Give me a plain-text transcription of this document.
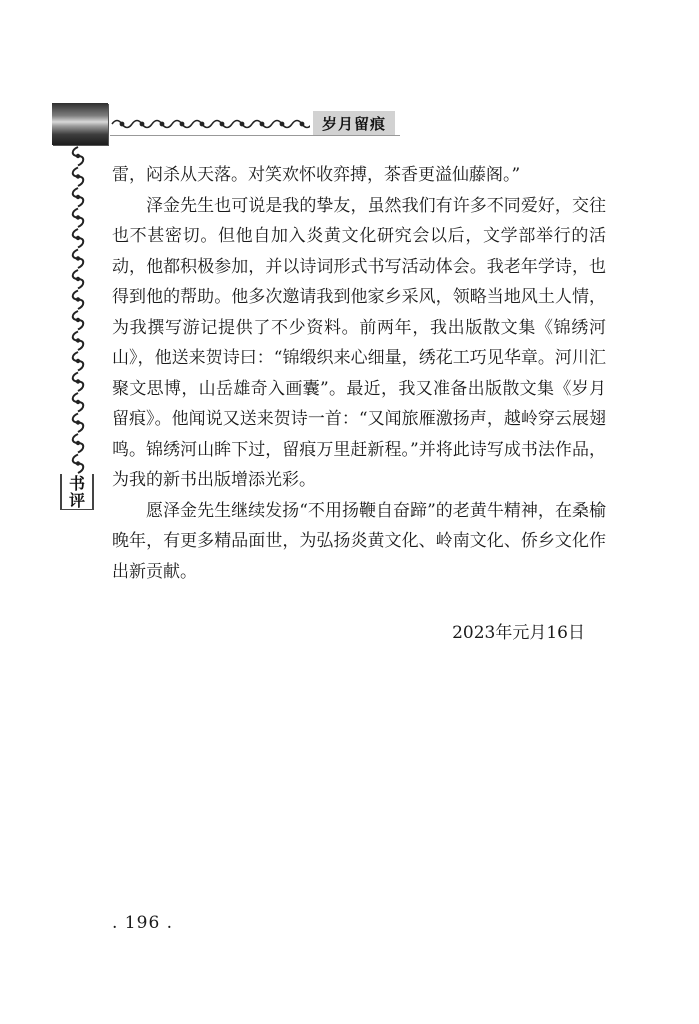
岁月留痕
书
评
雷，闷杀从天落。对笑欢怀收弈搏，茶香更溢仙藤阁。”
泽金先生也可说是我的挚友，虽然我们有许多不同爱好，交往也不甚密切。但他自加入炎黄文化研究会以后，文学部举行的活动，他都积极参加，并以诗词形式书写活动体会。我老年学诗，也得到他的帮助。他多次邀请我到他家乡采风，领略当地风土人情，为我撰写游记提供了不少资料。前两年，我出版散文集《锦绣河山》，他送来贺诗曰：“锦缎织来心细量，绣花工巧见华章。河川汇聚文思博，山岳雄奇入画囊”。最近，我又准备出版散文集《岁月留痕》。他闻说又送来贺诗一首：“又闻旅雁激扬声，越岭穿云展翅鸣。锦绣河山眸下过，留痕万里赶新程。”并将此诗写成书法作品，为我的新书出版增添光彩。
愿泽金先生继续发扬“不用扬鞭自奋蹄”的老黄牛精神，在桑榆晚年，有更多精品面世，为弘扬炎黄文化、岭南文化、侨乡文化作出新贡献。
2023年元月16日
. 196 .
